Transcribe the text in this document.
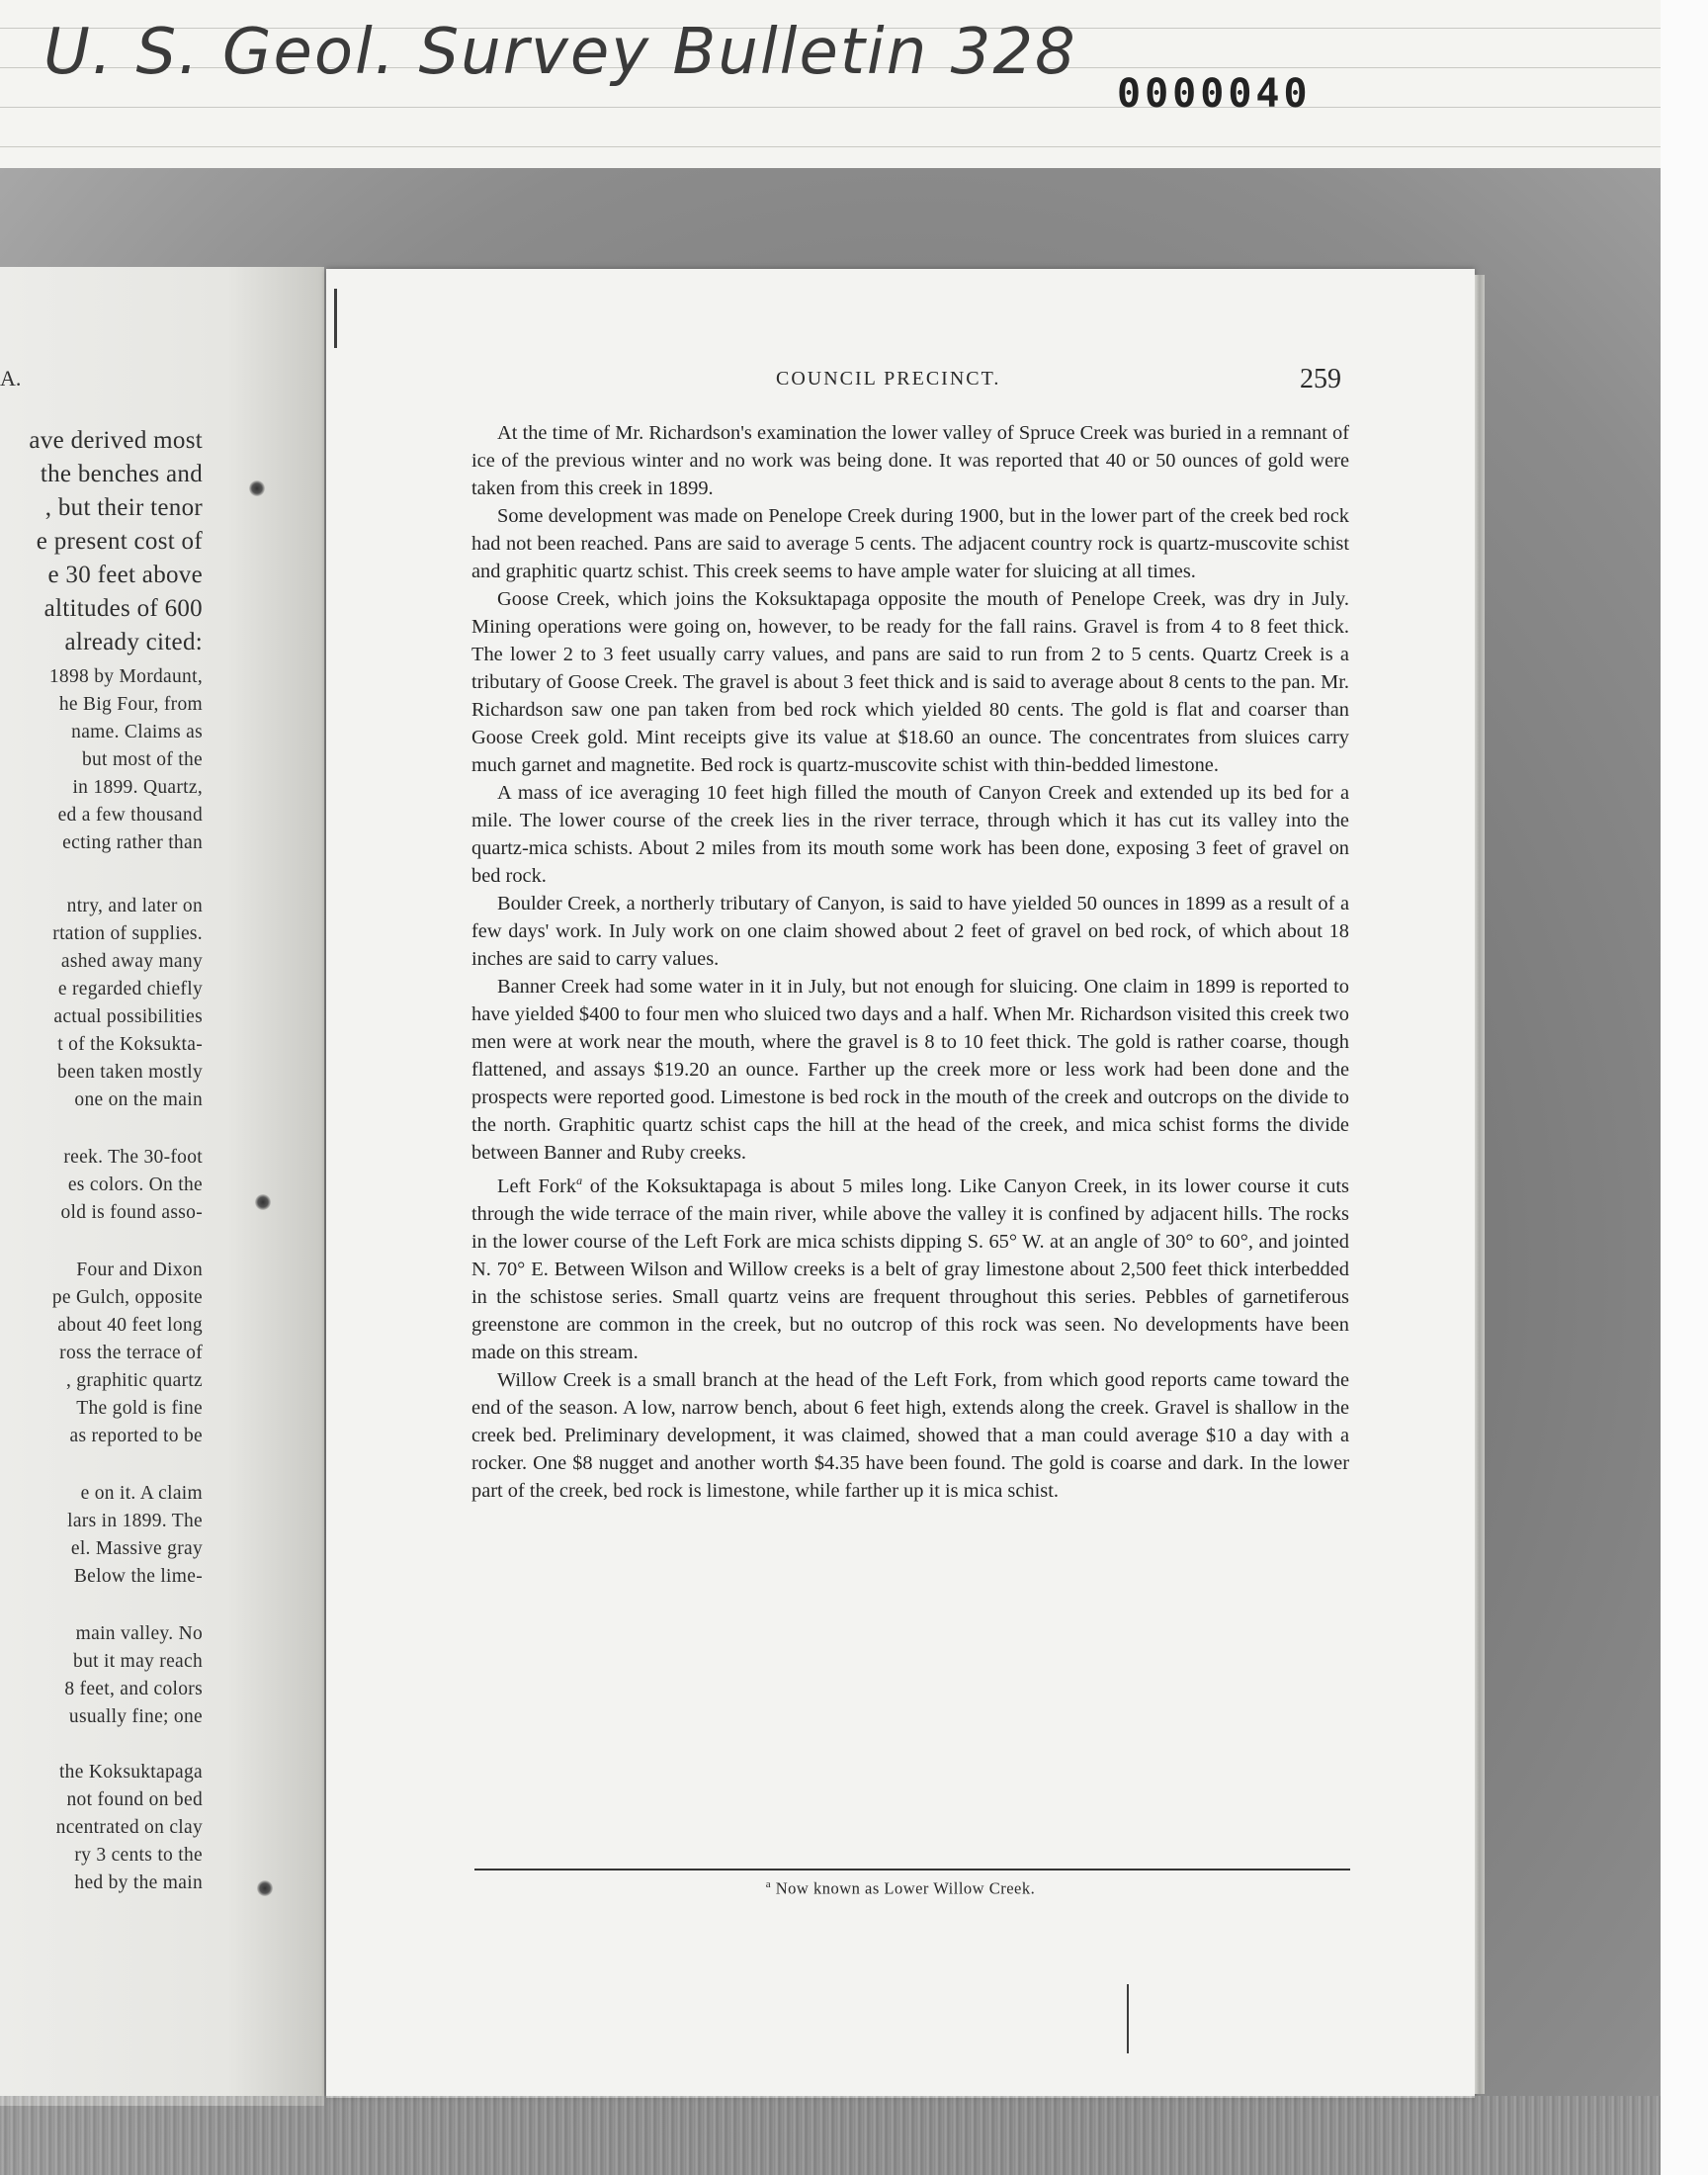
U. S. Geol. Survey Bulletin 328
0000040
A.
ave derived most
the benches and
, but their tenor
e present cost of
e 30 feet above
altitudes of 600
already cited:
1898 by Mordaunt,
he Big Four, from
name. Claims as
but most of the
in 1899. Quartz,
ed a few thousand
ecting rather than
ntry, and later on
rtation of supplies.
ashed away many
e regarded chiefly
actual possibilities
t of the Koksukta-
been taken mostly
one on the main
reek. The 30-foot
es colors. On the
old is found asso-
Four and Dixon
pe Gulch, opposite
about 40 feet long
ross the terrace of
, graphitic quartz
The gold is fine
as reported to be
e on it. A claim
lars in 1899. The
el. Massive gray
Below the lime-
main valley. No
but it may reach
8 feet, and colors
usually fine; one
the Koksuktapaga
not found on bed
ncentrated on clay
ry 3 cents to the
hed by the main
COUNCIL PRECINCT.	259

At the time of Mr. Richardson's examination the lower valley of Spruce Creek was buried in a remnant of ice of the previous winter and no work was being done. It was reported that 40 or 50 ounces of gold were taken from this creek in 1899.

Some development was made on Penelope Creek during 1900, but in the lower part of the creek bed rock had not been reached. Pans are said to average 5 cents. The adjacent country rock is quartz-muscovite schist and graphitic quartz schist. This creek seems to have ample water for sluicing at all times.

Goose Creek, which joins the Koksuktapaga opposite the mouth of Penelope Creek, was dry in July. Mining operations were going on, however, to be ready for the fall rains. Gravel is from 4 to 8 feet thick. The lower 2 to 3 feet usually carry values, and pans are said to run from 2 to 5 cents. Quartz Creek is a tributary of Goose Creek. The gravel is about 3 feet thick and is said to average about 8 cents to the pan. Mr. Richardson saw one pan taken from bed rock which yielded 80 cents. The gold is flat and coarser than Goose Creek gold. Mint receipts give its value at $18.60 an ounce. The concentrates from sluices carry much garnet and magnetite. Bed rock is quartz-muscovite schist with thin-bedded limestone.

A mass of ice averaging 10 feet high filled the mouth of Canyon Creek and extended up its bed for a mile. The lower course of the creek lies in the river terrace, through which it has cut its valley into the quartz-mica schists. About 2 miles from its mouth some work has been done, exposing 3 feet of gravel on bed rock.

Boulder Creek, a northerly tributary of Canyon, is said to have yielded 50 ounces in 1899 as a result of a few days' work. In July work on one claim showed about 2 feet of gravel on bed rock, of which about 18 inches are said to carry values.

Banner Creek had some water in it in July, but not enough for sluicing. One claim in 1899 is reported to have yielded $400 to four men who sluiced two days and a half. When Mr. Richardson visited this creek two men were at work near the mouth, where the gravel is 8 to 10 feet thick. The gold is rather coarse, though flattened, and assays $19.20 an ounce. Farther up the creek more or less work had been done and the prospects were reported good. Limestone is bed rock in the mouth of the creek and outcrops on the divide to the north. Graphitic quartz schist caps the hill at the head of the creek, and mica schist forms the divide between Banner and Ruby creeks.

Left Fork$^a$ of the Koksuktapaga is about 5 miles long. Like Canyon Creek, in its lower course it cuts through the wide terrace of the main river, while above the valley it is confined by adjacent hills. The rocks in the lower course of the Left Fork are mica schists dipping S. 65° W. at an angle of 30° to 60°, and jointed N. 70° E. Between Wilson and Willow creeks is a belt of gray limestone about 2,500 feet thick interbedded in the schistose series. Small quartz veins are frequent throughout this series. Pebbles of garnetiferous greenstone are common in the creek, but no outcrop of this rock was seen. No developments have been made on this stream.

Willow Creek is a small branch at the head of the Left Fork, from which good reports came toward the end of the season. A low, narrow bench, about 6 feet high, extends along the creek. Gravel is shallow in the creek bed. Preliminary development, it was claimed, showed that a man could average $10 a day with a rocker. One $8 nugget and another worth $4.35 have been found. The gold is coarse and dark. In the lower part of the creek, bed rock is limestone, while farther up it is mica schist.

$^a$ Now known as Lower Willow Creek.
